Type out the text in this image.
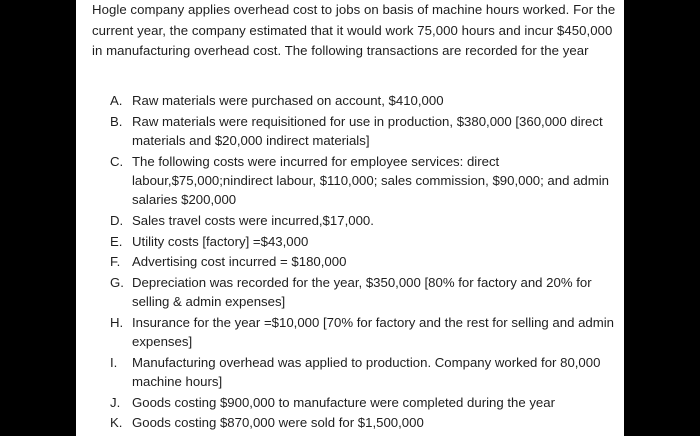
Hogle company applies overhead cost to jobs on basis of machine hours worked. For the current year, the company estimated that it would work 75,000 hours and incur $450,000 in manufacturing overhead cost. The following transactions are recorded for the year

A. Raw materials were purchased on account, $410,000
B. Raw materials were requisitioned for use in production, $380,000 [360,000 direct materials and $20,000 indirect materials]
C. The following costs were incurred for employee services: direct labour,$75,000;nindirect labour, $110,000; sales commission, $90,000; and admin salaries $200,000
D. Sales travel costs were incurred,$17,000.
E. Utility costs [factory] =$43,000
F. Advertising cost incurred = $180,000
G. Depreciation was recorded for the year, $350,000 [80% for factory and 20% for selling & admin expenses]
H. Insurance for the year =$10,000 [70% for factory and the rest for selling and admin expenses]
I.	Manufacturing overhead was applied to production. Company worked for 80,000 machine hours]
J. Goods costing $900,000 to manufacture were completed during the year
K. Goods costing $870,000 were sold for $1,500,000
